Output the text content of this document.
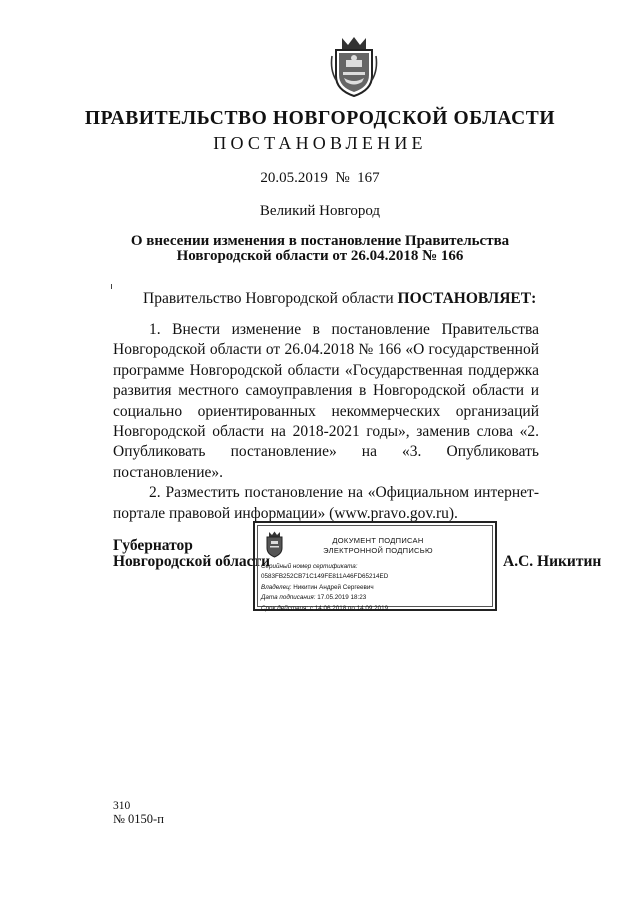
ПРАВИТЕЛЬСТВО НОВГОРОДСКОЙ ОБЛАСТИ
ПОСТАНОВЛЕНИЕ
20.05.2019  №  167
Великий Новгород
О внесении изменения в постановление Правительства
Новгородской области от 26.04.2018 № 166
Правительство Новгородской области ПОСТАНОВЛЯЕТ:

1. Внести изменение в постановление Правительства Новгородской области от 26.04.2018 № 166 «О государственной программе Новгородской области «Государственная поддержка развития местного самоуправления в Новгородской области и социально ориентированных некоммерческих организаций Новгородской области на 2018-2021 годы», заменив слова «2. Опубликовать постановление» на «3. Опубликовать постановление».

2. Разместить постановление на «Официальном интернет-портале правовой информации» (www.pravo.gov.ru).

Губернатор
Новгородской области
ДОКУМЕНТ ПОДПИСАН
ЭЛЕКТРОННОЙ ПОДПИСЬЮ
Серийный номер сертификата:
0583FB252CB71C149FE811A46FD65214ED
Владелец: Никитин Андрей Сергеевич
Дата подписания: 17.05.2019 18:23
Срок действия: с 14.06.2018 по 14.09.2019
А.С. Никитин
310
№ 0150-п
